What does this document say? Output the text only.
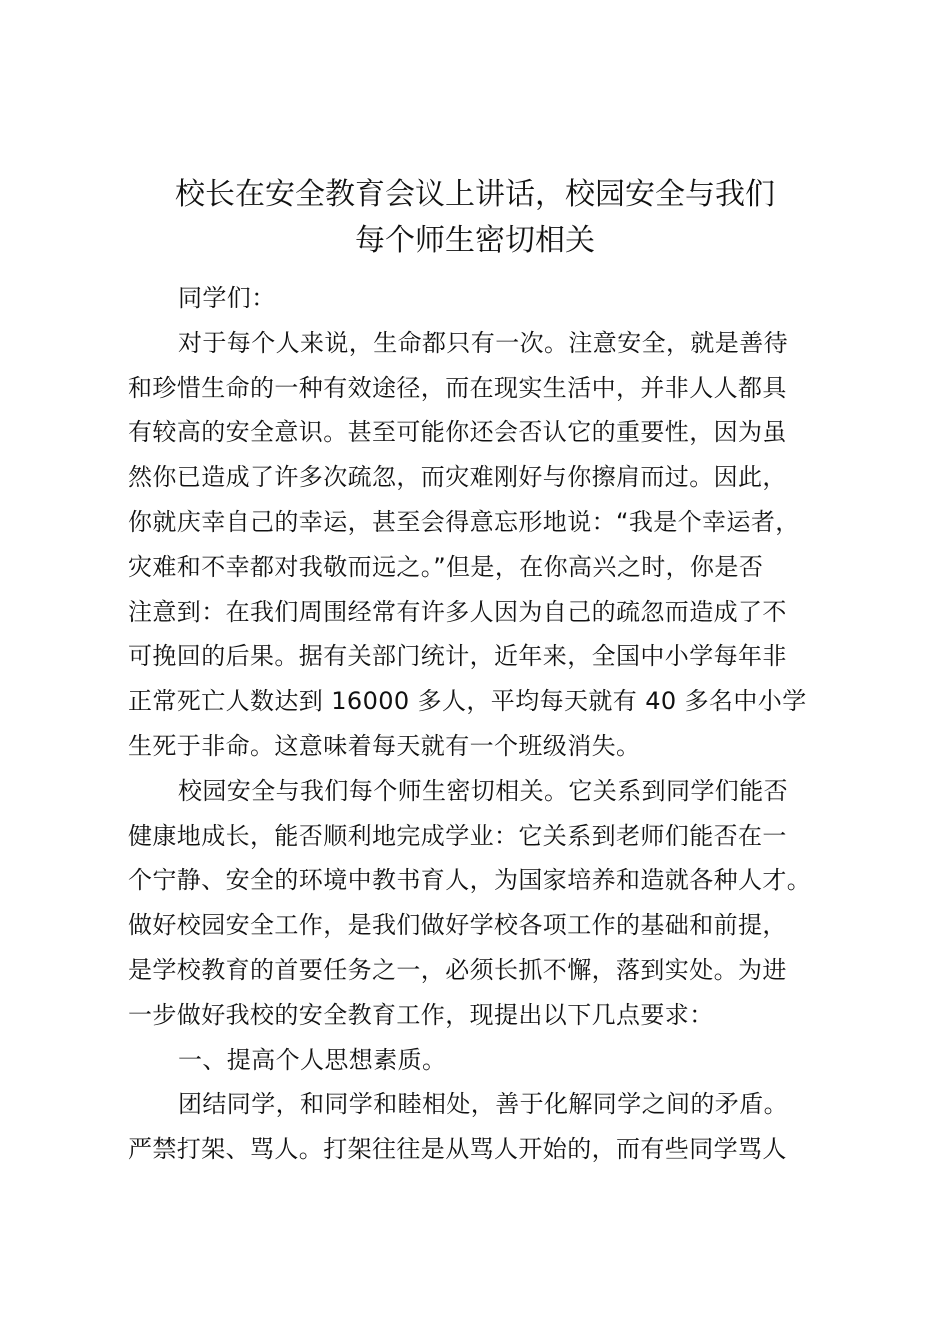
校长在安全教育会议上讲话，校园安全与我们
每个师生密切相关

同学们：

对于每个人来说，生命都只有一次。注意安全，就是善待
和珍惜生命的一种有效途径，而在现实生活中，并非人人都具
有较高的安全意识。甚至可能你还会否认它的重要性，因为虽
然你已造成了许多次疏忽，而灾难刚好与你擦肩而过。因此，
你就庆幸自己的幸运，甚至会得意忘形地说：“我是个幸运者，
灾难和不幸都对我敬而远之。”但是，在你高兴之时，你是否
注意到：在我们周围经常有许多人因为自己的疏忽而造成了不
可挽回的后果。据有关部门统计，近年来，全国中小学每年非
正常死亡人数达到 16000 多人，平均每天就有 40 多名中小学
生死于非命。这意味着每天就有一个班级消失。

校园安全与我们每个师生密切相关。它关系到同学们能否
健康地成长，能否顺利地完成学业：它关系到老师们能否在一
个宁静、安全的环境中教书育人，为国家培养和造就各种人才。
做好校园安全工作，是我们做好学校各项工作的基础和前提，
是学校教育的首要任务之一，必须长抓不懈，落到实处。为进
一步做好我校的安全教育工作，现提出以下几点要求：

一、提高个人思想素质。

团结同学，和同学和睦相处，善于化解同学之间的矛盾。
严禁打架、骂人。打架往往是从骂人开始的，而有些同学骂人
